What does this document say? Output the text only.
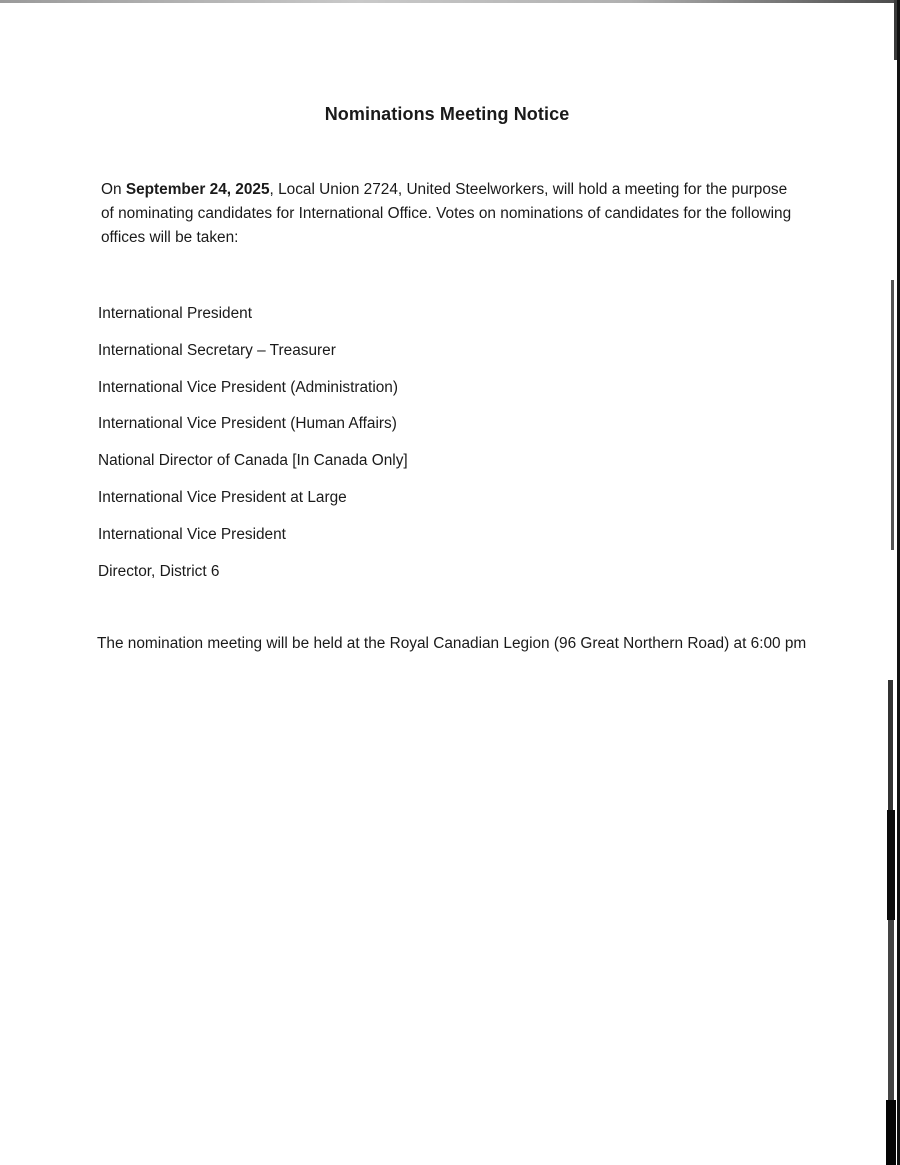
Nominations Meeting Notice
On September 24, 2025, Local Union 2724, United Steelworkers, will hold a meeting for the purpose of nominating candidates for International Office. Votes on nominations of candidates for the following offices will be taken:
International President
International Secretary – Treasurer
International Vice President (Administration)
International Vice President (Human Affairs)
National Director of Canada [In Canada Only]
International Vice President at Large
International Vice President
Director, District 6
The nomination meeting will be held at the Royal Canadian Legion (96 Great Northern Road) at 6:00 pm
